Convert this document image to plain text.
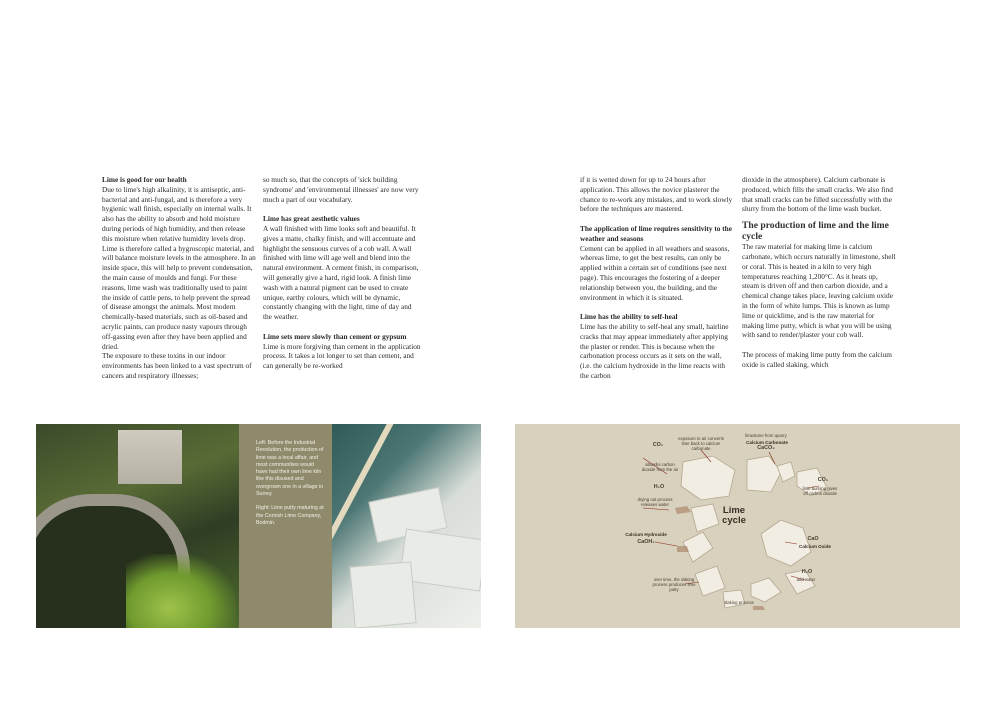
Lime is good for our health

Due to lime's high alkalinity, it is antiseptic, anti-bacterial and anti-fungal, and is therefore a very hygienic wall finish, especially on internal walls. It also has the ability to absorb and hold moisture during periods of high humidity, and then release this moisture when relative humidity levels drop. Lime is therefore called a hygroscopic material, and will balance moisture levels in the atmosphere. In an inside space, this will help to prevent condensation, the main cause of moulds and fungi. For these reasons, lime wash was traditionally used to paint the inside of cattle pens, to help prevent the spread of disease amongst the animals. Most modern chemically-based materials, such as oil-based and acrylic paints, can produce nasty vapours through off-gassing even after they have been applied and dried.

The exposure to these toxins in our indoor environments has been linked to a vast spectrum of cancers and respiratory illnesses;

so much so, that the concepts of 'sick building syndrome' and 'environmental illnesses' are now very much a part of our vocabulary.

Lime has great aesthetic values

A wall finished with lime looks soft and beautiful. It gives a matte, chalky finish, and will accentuate and highlight the sensuous curves of a cob wall. A wall finished with lime will age well and blend into the natural environment. A cement finish, in comparison, will generally give a hard, rigid look. A finish lime wash with a natural pigment can be used to create unique, earthy colours, which will be dynamic, constantly changing with the light, time of day and the weather.

Lime sets more slowly than cement or gypsum

Lime is more forgiving than cement in the application process. It takes a lot longer to set than cement, and can generally be re-worked

if it is wetted down for up to 24 hours after application. This allows the novice plasterer the chance to re-work any mistakes, and to work slowly before the techniques are mastered.

The application of lime requires sensitivity to the weather and seasons

Cement can be applied in all weathers and seasons, whereas lime, to get the best results, can only be applied within a certain set of conditions (see next page). This encourages the fostering of a deeper relationship between you, the building, and the environment in which it is situated.

Lime has the ability to self-heal

Lime has the ability to self-heal any small, hairline cracks that may appear immediately after applying the plaster or render. This is because when the carbonation process occurs as it sets on the wall, (i.e. the calcium hydroxide in the lime reacts with the carbon

dioxide in the atmosphere). Calcium carbonate is produced, which fills the small cracks. We also find that small cracks can be filled successfully with the slurry from the bottom of the lime wash bucket.

The production of lime and the lime cycle

The raw material for making lime is calcium carbonate, which occurs naturally in limestone, shell or coral. This is heated in a kiln to very high temperatures reaching 1,200°C. As it heats up, steam is driven off and then carbon dioxide, and a chemical change takes place, leaving calcium oxide in the form of white lumps. This is known as lump lime or quicklime, and is the raw material for making lime putty, which is what you will be using with sand to render/plaster your cob wall.

The process of making lime putty from the calcium oxide is called slaking, which

Left: Before the Industrial Revolution, the production of lime was a local affair, and most communities would have had their own lime kiln like this disused and overgrown one in a village in Surrey.

Right: Lime putty maturing at the Cornish Lime Company, Bodmin.

CO₂
absorbs carbon dioxide from the air
exposure to air converts lime back to calcium carbonate
limestone from quarry
Calcium Carbonate
CaCO₃
CO₂
lime burning gives off carbon dioxide
H₂O
drying out process releases water
Calcium Hydroxide
CaOH₂
Lime cycle
CaO
Calcium Oxide
H₂O
add water
over time, the slaking process produces lime putty
slaking process
